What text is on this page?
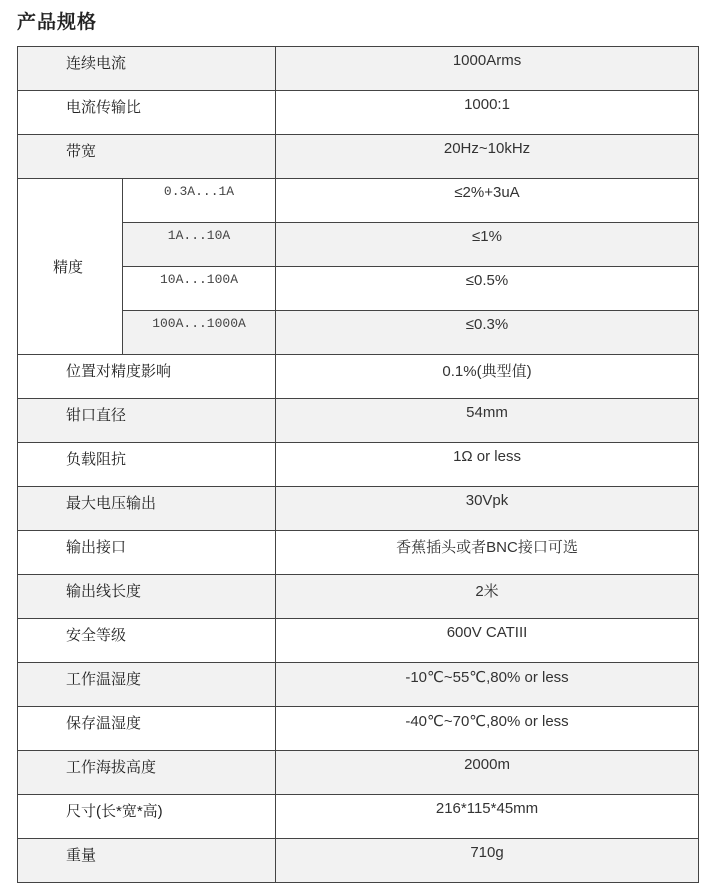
产品规格
连续电流		1000Arms
电流传输比		1000:1
带宽		20Hz~10kHz
精度	0.3A...1A	≤2%+3uA
	1A...10A	≤1%
	10A...100A	≤0.5%
	100A...1000A	≤0.3%
位置对精度影响		0.1%(典型值)
钳口直径		54mm
负载阻抗		1Ω or less
最大电压输出		30Vpk
输出接口		香蕉插头或者BNC接口可选
输出线长度		2米
安全等级		600V CATIII
工作温湿度		-10℃~55℃,80% or less
保存温湿度		-40℃~70℃,80% or less
工作海拔高度		2000m
尺寸(长*宽*高)		216*115*45mm
重量		710g
